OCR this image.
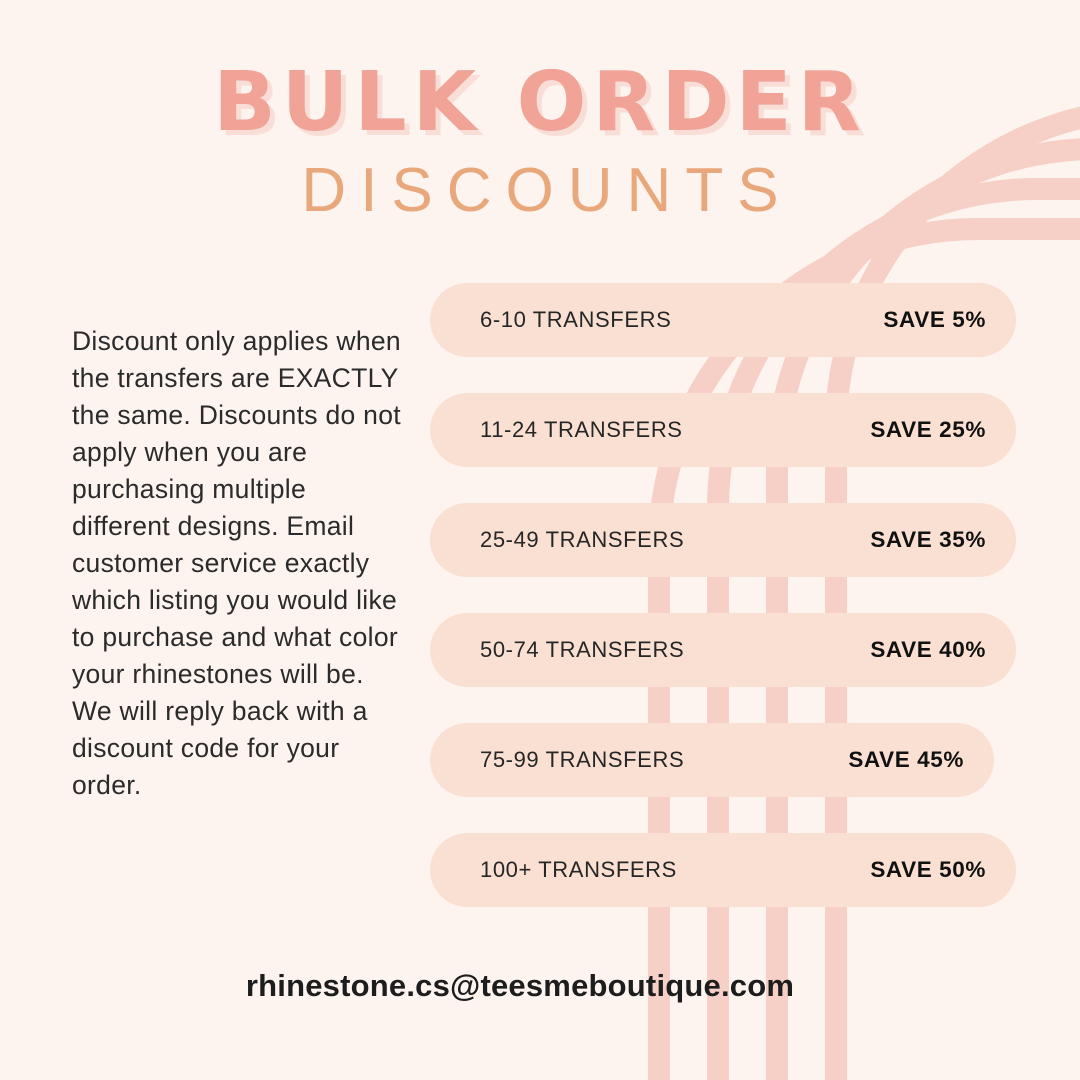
BULK ORDER
DISCOUNTS

Discount only applies when the transfers are EXACTLY the same. Discounts do not apply when you are purchasing multiple different designs. Email customer service exactly which listing you would like to purchase and what color your rhinestones will be. We will reply back with a discount code for your order.

6-10 TRANSFERS	SAVE 5%
11-24 TRANSFERS	SAVE 25%
25-49 TRANSFERS	SAVE 35%
50-74 TRANSFERS	SAVE 40%
75-99 TRANSFERS	SAVE 45%
100+ TRANSFERS	SAVE 50%
rhinestone.cs@teesmeboutique.com
